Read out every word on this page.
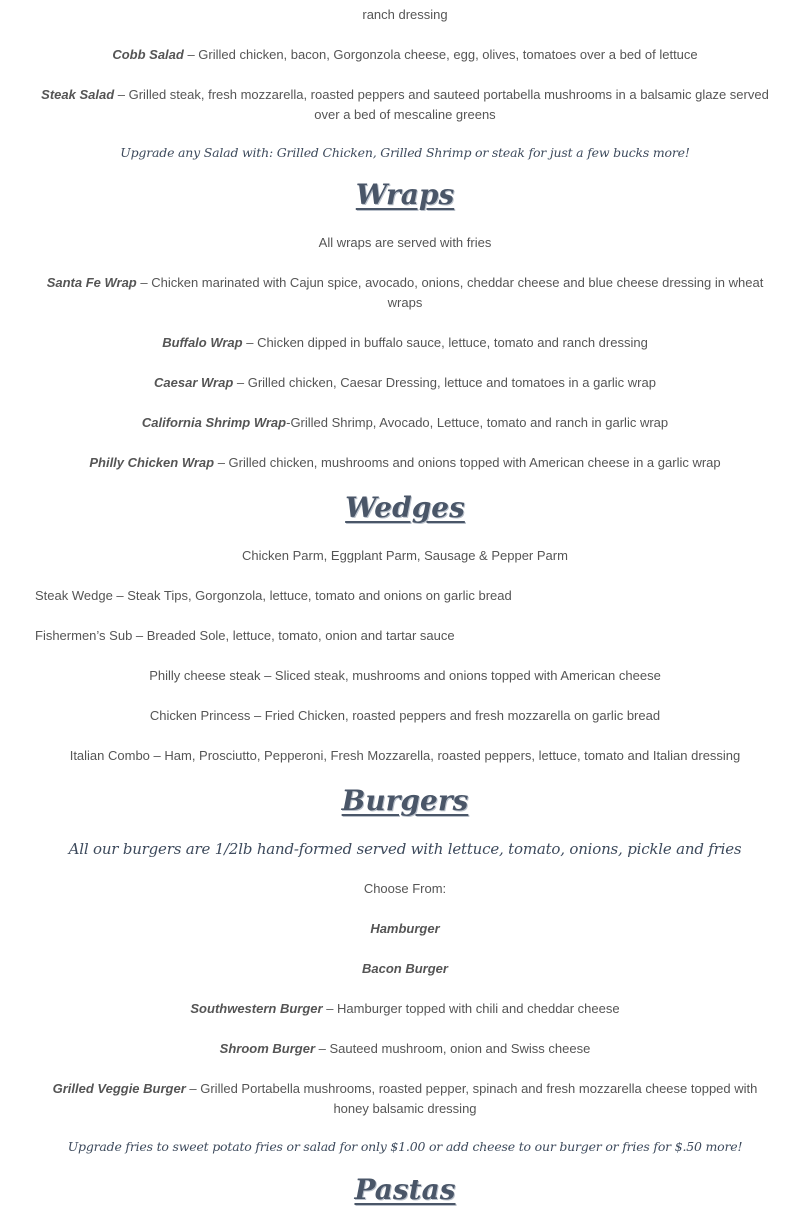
ranch dressing

Cobb Salad – Grilled chicken, bacon, Gorgonzola cheese, egg, olives, tomatoes over a bed of lettuce

Steak Salad – Grilled steak, fresh mozzarella, roasted peppers and sauteed portabella mushrooms in a balsamic glaze served over a bed of mescaline greens

Upgrade any Salad with: Grilled Chicken, Grilled Shrimp or steak for just a few bucks more!

Wraps

All wraps are served with fries

Santa Fe Wrap – Chicken marinated with Cajun spice, avocado, onions, cheddar cheese and blue cheese dressing in wheat wraps

Buffalo Wrap – Chicken dipped in buffalo sauce, lettuce, tomato and ranch dressing

Caesar Wrap – Grilled chicken, Caesar Dressing, lettuce and tomatoes in a garlic wrap

California Shrimp Wrap-Grilled Shrimp, Avocado, Lettuce, tomato and ranch in garlic wrap

Philly Chicken Wrap – Grilled chicken, mushrooms and onions topped with American cheese in a garlic wrap

Wedges

Chicken Parm, Eggplant Parm, Sausage & Pepper Parm

Steak Wedge – Steak Tips, Gorgonzola, lettuce, tomato and onions on garlic bread

Fishermen’s Sub – Breaded Sole, lettuce, tomato, onion and tartar sauce

Philly cheese steak – Sliced steak, mushrooms and onions topped with American cheese

Chicken Princess – Fried Chicken, roasted peppers and fresh mozzarella on garlic bread

Italian Combo – Ham, Prosciutto, Pepperoni, Fresh Mozzarella, roasted peppers, lettuce, tomato and Italian dressing

Burgers

All our burgers are 1/2lb hand-formed served with lettuce, tomato, onions, pickle and fries

Choose From:

Hamburger

Bacon Burger

Southwestern Burger – Hamburger topped with chili and cheddar cheese

Shroom Burger – Sauteed mushroom, onion and Swiss cheese

Grilled Veggie Burger – Grilled Portabella mushrooms, roasted pepper, spinach and fresh mozzarella cheese topped with honey balsamic dressing

Upgrade fries to sweet potato fries or salad for only $1.00 or add cheese to our burger or fries for $.50 more!

Pastas
